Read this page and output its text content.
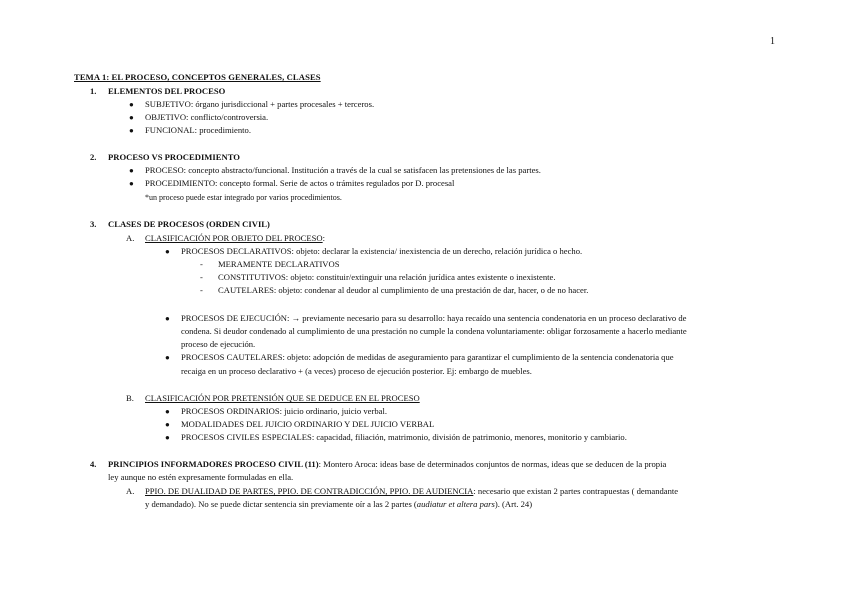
1
TEMA 1: EL PROCESO, CONCEPTOS GENERALES, CLASES
1. ELEMENTOS DEL PROCESO
● SUBJETIVO: órgano jurisdiccional + partes procesales + terceros.
● OBJETIVO: conflicto/controversia.
● FUNCIONAL: procedimiento.
2. PROCESO VS PROCEDIMIENTO
● PROCESO: concepto abstracto/funcional. Institución a través de la cual se satisfacen las pretensiones de las partes.
● PROCEDIMIENTO: concepto formal. Serie de actos o trámites regulados por D. procesal
*un proceso puede estar integrado por varios procedimientos.
3. CLASES DE PROCESOS (ORDEN CIVIL)
A. CLASIFICACIÓN POR OBJETO DEL PROCESO:
● PROCESOS DECLARATIVOS: objeto: declarar la existencia/ inexistencia de un derecho, relación jurídica o hecho.
- MERAMENTE DECLARATIVOS
- CONSTITUTIVOS: objeto: constituir/extinguir una relación jurídica antes existente o inexistente.
- CAUTELARES: objeto: condenar al deudor al cumplimiento de una prestación de dar, hacer, o de no hacer.
● PROCESOS DE EJECUCIÓN: → previamente necesario para su desarrollo: haya recaído una sentencia condenatoria en un proceso declarativo de
condena. Si deudor condenado al cumplimiento de una prestación no cumple la condena voluntariamente: obligar forzosamente a hacerlo mediante
proceso de ejecución.
● PROCESOS CAUTELARES: objeto: adopción de medidas de aseguramiento para garantizar el cumplimiento de la sentencia condenatoria que
recaiga en un proceso declarativo + (a veces) proceso de ejecución posterior. Ej: embargo de muebles.
B. CLASIFICACIÓN POR PRETENSIÓN QUE SE DEDUCE EN EL PROCESO
● PROCESOS ORDINARIOS: juicio ordinario, juicio verbal.
● MODALIDADES DEL JUICIO ORDINARIO Y DEL JUICIO VERBAL
● PROCESOS CIVILES ESPECIALES: capacidad, filiación, matrimonio, división de patrimonio, menores, monitorio y cambiario.
4. PRINCIPIOS INFORMADORES PROCESO CIVIL (11): Montero Aroca: ideas base de determinados conjuntos de normas, ideas que se deducen de la propia
ley aunque no estén expresamente formuladas en ella.
A. PPIO. DE DUALIDAD DE PARTES, PPIO. DE CONTRADICCIÓN, PPIO. DE AUDIENCIA: necesario que existan 2 partes contrapuestas ( demandante
y demandado). No se puede dictar sentencia sin previamente oír a las 2 partes (audiatur et altera pars). (Art. 24)
